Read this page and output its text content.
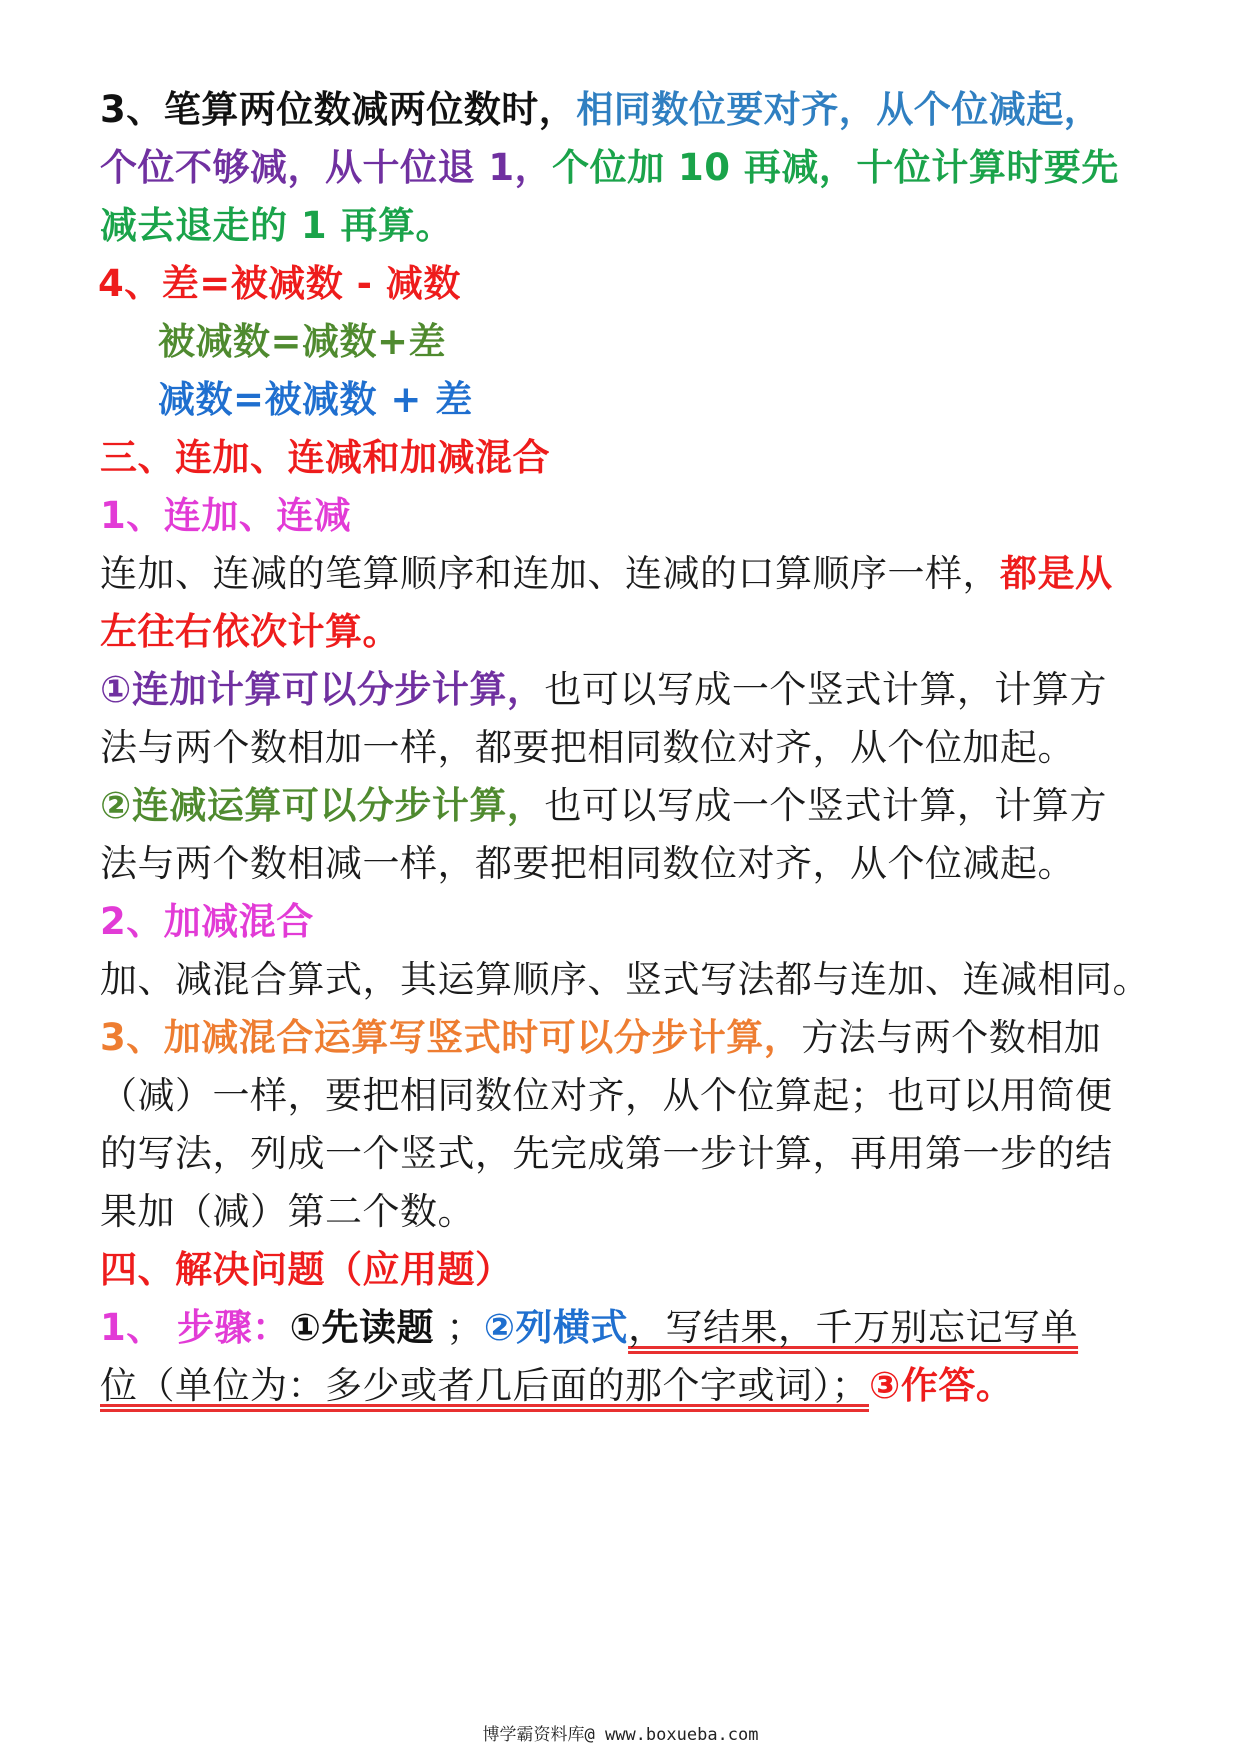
3、笔算两位数减两位数时，相同数位要对齐，从个位减起，
个位不够减，从十位退 1，个位加 10 再减，十位计算时要先
减去退走的 1 再算。
4、差=被减数 - 减数
被减数=减数+差
减数=被减数 + 差
三、连加、连减和加减混合
1、连加、连减
连加、连减的笔算顺序和连加、连减的口算顺序一样，都是从
左往右依次计算。
①连加计算可以分步计算，也可以写成一个竖式计算，计算方
法与两个数相加一样，都要把相同数位对齐，从个位加起。
②连减运算可以分步计算，也可以写成一个竖式计算，计算方
法与两个数相减一样，都要把相同数位对齐，从个位减起。
2、加减混合
加、减混合算式，其运算顺序、竖式写法都与连加、连减相同。
3、加减混合运算写竖式时可以分步计算，方法与两个数相加
（减）一样，要把相同数位对齐，从个位算起；也可以用简便
的写法，列成一个竖式，先完成第一步计算，再用第一步的结
果加（减）第二个数。
四、解决问题（应用题）
1、 步骤：①先读题 ；②列横式，写结果，千万别忘记写单
位（单位为：多少或者几后面的那个字或词）；③作答。
博学霸资料库@ www.boxueba.com
